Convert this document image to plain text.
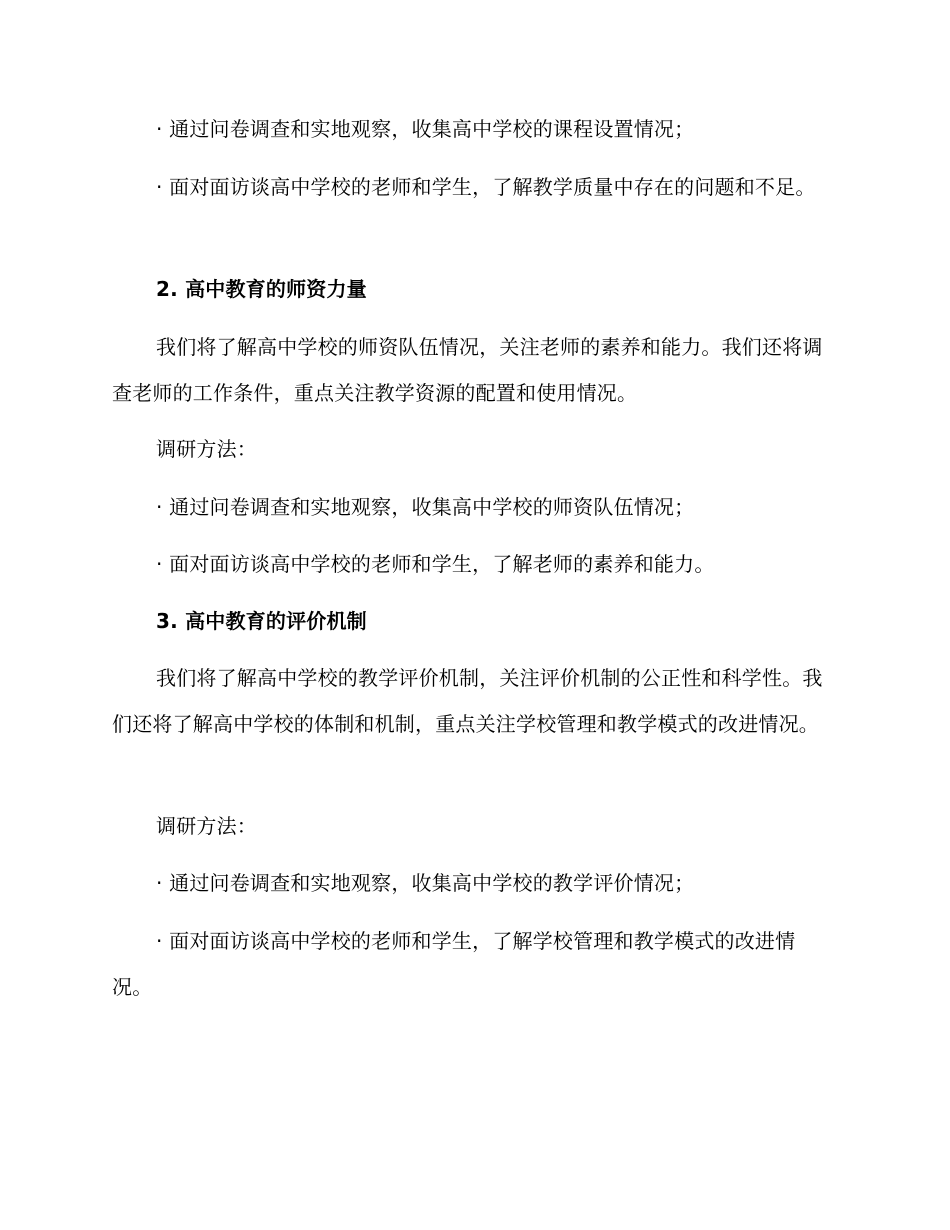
· 通过问卷调查和实地观察，收集高中学校的课程设置情况；

· 面对面访谈高中学校的老师和学生，了解教学质量中存在的问题和不足。

2. 高中教育的师资力量

我们将了解高中学校的师资队伍情况，关注老师的素养和能力。我们还将调查老师的工作条件，重点关注教学资源的配置和使用情况。

调研方法：

· 通过问卷调查和实地观察，收集高中学校的师资队伍情况；

· 面对面访谈高中学校的老师和学生，了解老师的素养和能力。

3. 高中教育的评价机制

我们将了解高中学校的教学评价机制，关注评价机制的公正性和科学性。我们还将了解高中学校的体制和机制，重点关注学校管理和教学模式的改进情况。

调研方法：

· 通过问卷调查和实地观察，收集高中学校的教学评价情况；

· 面对面访谈高中学校的老师和学生，了解学校管理和教学模式的改进情况。
